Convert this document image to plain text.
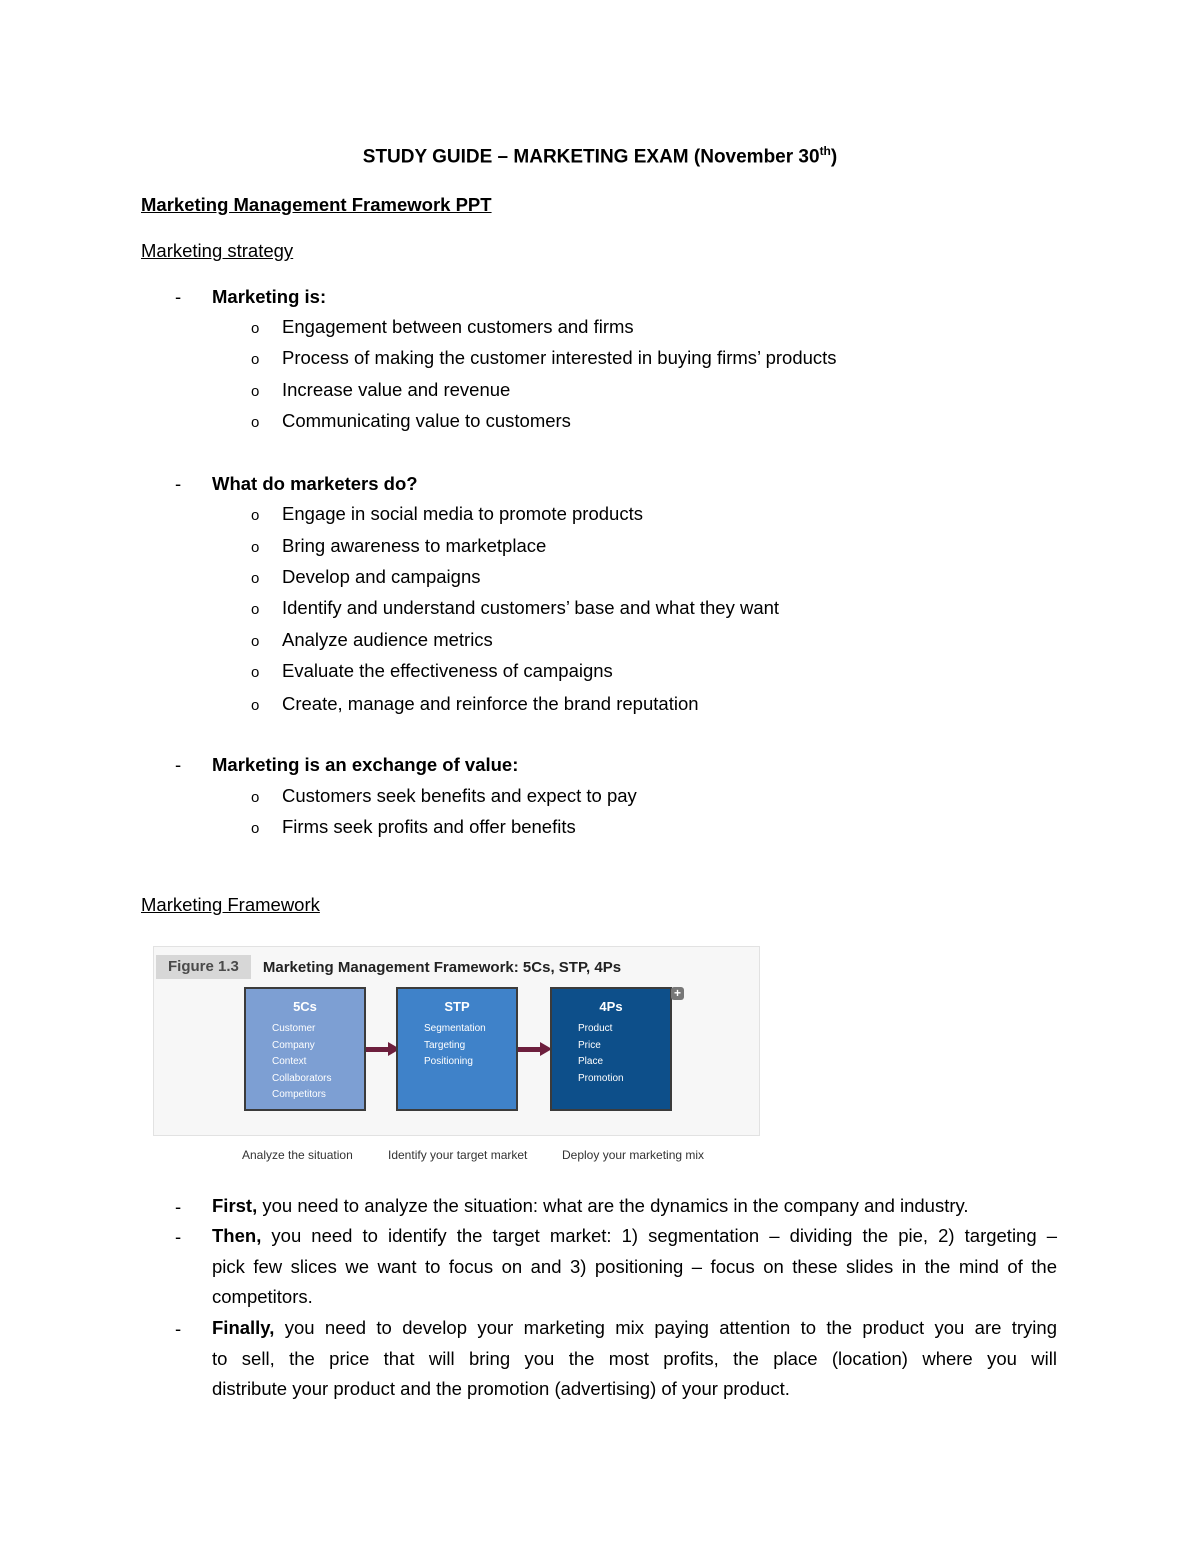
STUDY GUIDE – MARKETING EXAM (November 30th)
Marketing Management Framework PPT
Marketing strategy
- Marketing is:
o Engagement between customers and firms
o Process of making the customer interested in buying firms’ products
o Increase value and revenue
o Communicating value to customers
- What do marketers do?
o Engage in social media to promote products
o Bring awareness to marketplace
o Develop and campaigns
o Identify and understand customers’ base and what they want
o Analyze audience metrics
o Evaluate the effectiveness of campaigns
o Create, manage and reinforce the brand reputation
- Marketing is an exchange of value:
o Customers seek benefits and expect to pay
o Firms seek profits and offer benefits
Marketing Framework
Figure 1.3	Marketing Management Framework: 5Cs, STP, 4Ps
5Cs
Customer
Company
Context
Collaborators
Competitors
STP
Segmentation
Targeting
Positioning
4Ps
Product
Price
Place
Promotion
+
Analyze the situation	Identify your target market	Deploy your marketing mix
- First, you need to analyze the situation: what are the dynamics in the company and industry.
- Then, you need to identify the target market: 1) segmentation – dividing the pie, 2) targeting –
pick few slices we want to focus on and 3) positioning – focus on these slides in the mind of the
competitors.
- Finally, you need to develop your marketing mix paying attention to the product you are trying
to sell, the price that will bring you the most profits, the place (location) where you will
distribute your product and the promotion (advertising) of your product.
